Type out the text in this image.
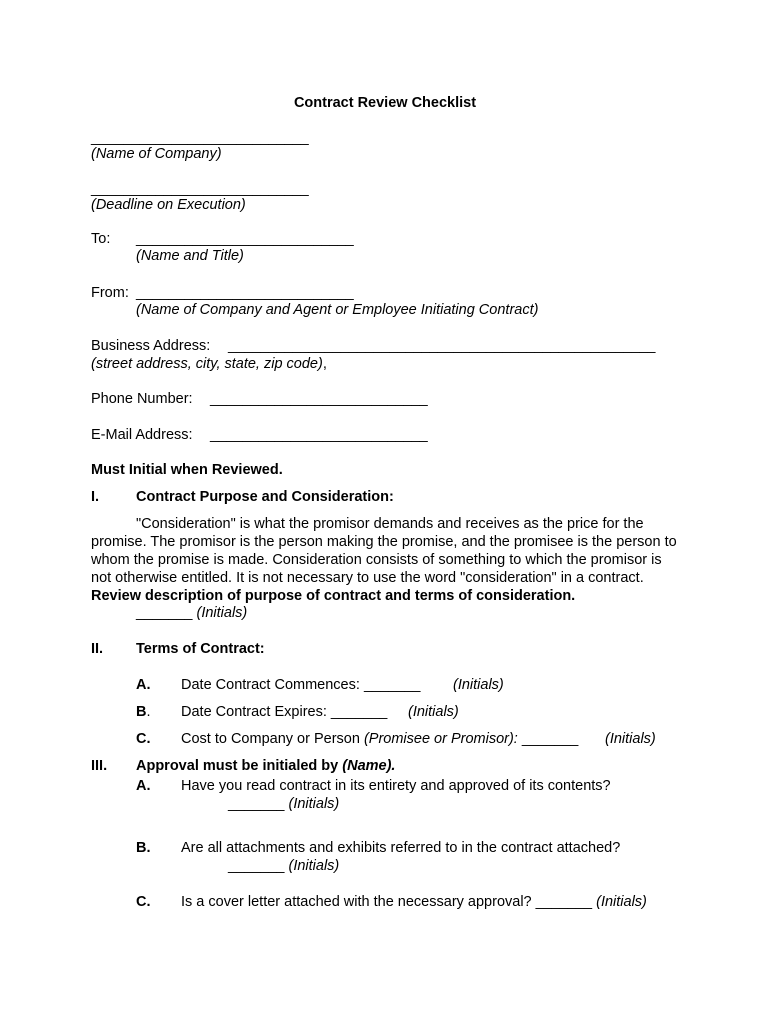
Contract Review Checklist
___________________________
(Name of Company)
___________________________
(Deadline on Execution)
To: ___________________________
(Name and Title)
From: ___________________________
(Name of Company and Agent or Employee Initiating Contract)
Business Address: _____________________________________________________
(street address, city, state, zip code),
Phone Number: ___________________________
E-Mail Address: ___________________________
Must Initial when Reviewed.
I.	Contract Purpose and Consideration:
"Consideration" is what the promisor demands and receives as the price for the promise. The promisor is the person making the promise, and the promisee is the person to whom the promise is made. Consideration consists of something to which the promisor is not otherwise entitled. It is not necessary to use the word "consideration" in a contract. Review description of purpose of contract and terms of consideration.
_______ (Initials)
II. Terms of Contract:
A. Date Contract Commences: _______ (Initials)
B. Date Contract Expires: _______ (Initials)
C. Cost to Company or Person (Promisee or Promisor): _______ (Initials)
III. Approval must be initialed by (Name).
A. Have you read contract in its entirety and approved of its contents?
_______ (Initials)
B. Are all attachments and exhibits referred to in the contract attached?
_______ (Initials)
C. Is a cover letter attached with the necessary approval? _______ (Initials)
